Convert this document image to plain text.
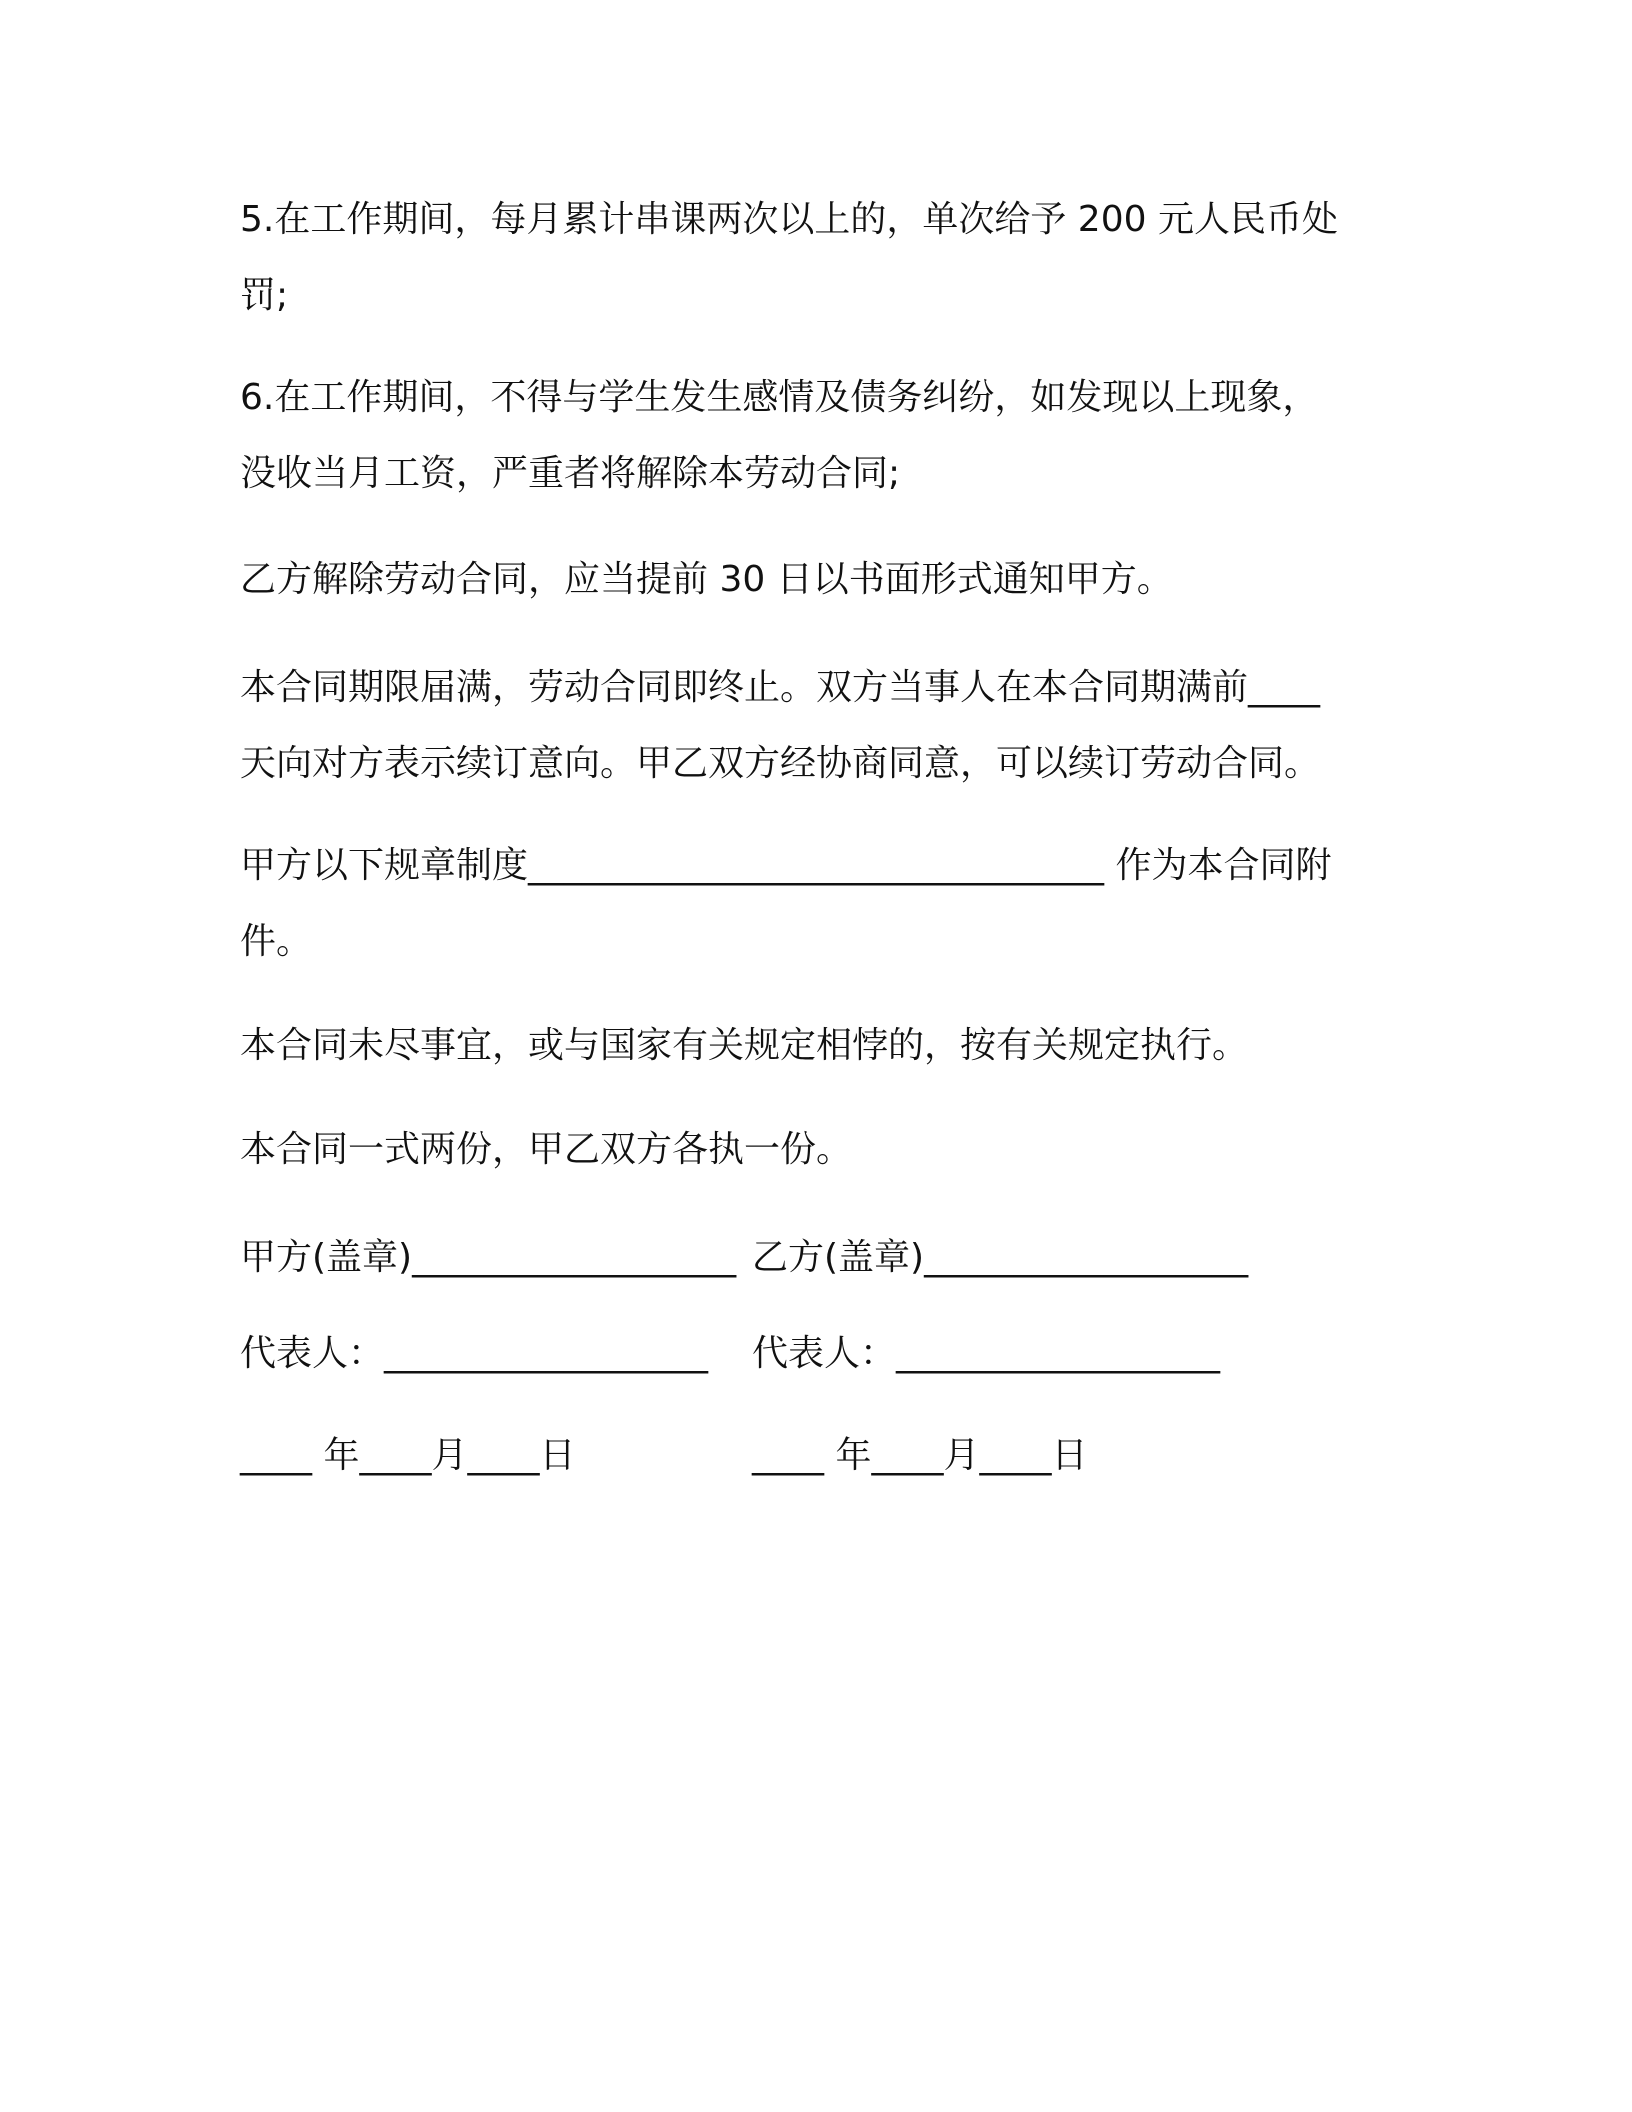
5.在工作期间，每月累计串课两次以上的，单次给予 200 元人民币处
罚;
6.在工作期间，不得与学生发生感情及债务纠纷，如发现以上现象，
没收当月工资，严重者将解除本劳动合同;
乙方解除劳动合同，应当提前 30 日以书面形式通知甲方。
本合同期限届满，劳动合同即终止。双方当事人在本合同期满前____
天向对方表示续订意向。甲乙双方经协商同意，可以续订劳动合同。
甲方以下规章制度________________________________ 作为本合同附
件。
本合同未尽事宜，或与国家有关规定相悖的，按有关规定执行。
本合同一式两份，甲乙双方各执一份。
甲方(盖章)__________________ 乙方(盖章)__________________
代表人：__________________ 代表人：__________________
____ 年____月____日	____ 年____月____日
